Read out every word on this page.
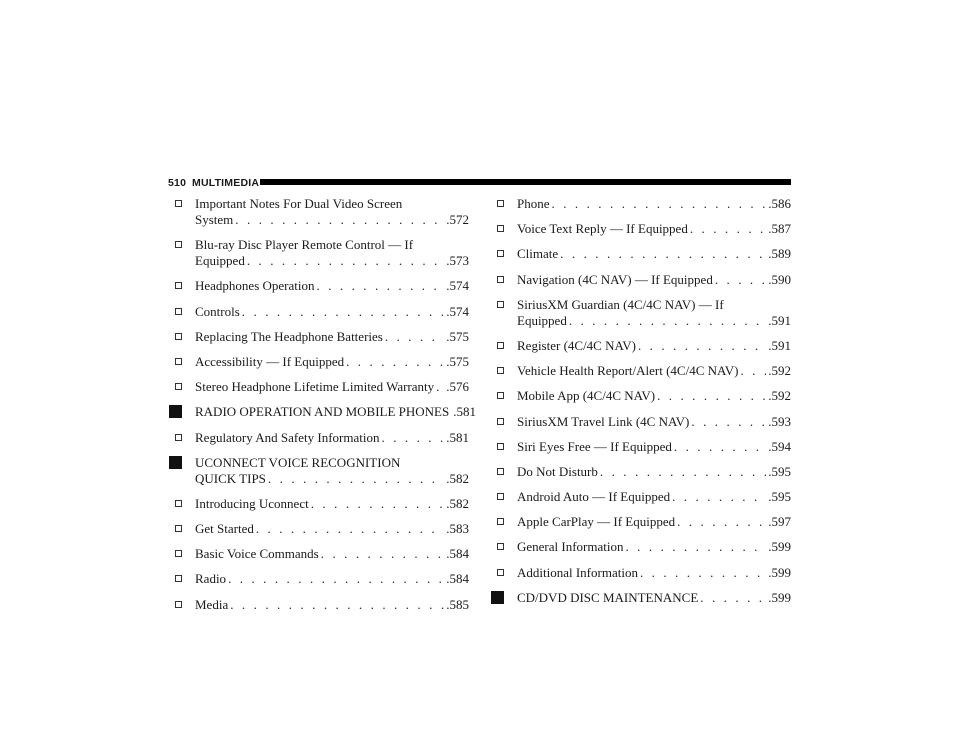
510 MULTIMEDIA
Important Notes For Dual Video Screen
System . . .	.572
Blu-ray Disc Player Remote Control — If
Equipped . . .	.573
Headphones Operation . . .	.574
Controls . . .	.574
Replacing The Headphone Batteries . . .	.575
Accessibility — If Equipped . . .	.575
Stereo Headphone Lifetime Limited Warranty . . . .576
RADIO OPERATION AND MOBILE PHONES .581
Regulatory And Safety Information . . .	.581
UCONNECT VOICE RECOGNITION
QUICK TIPS . . .	.582
Introducing Uconnect . . .	.582
Get Started . . .	.583
Basic Voice Commands . . .	.584
Radio . . .	.584
Media . . .	.585
Phone . . .	.586
Voice Text Reply — If Equipped . . .	.587
Climate . . .	.589
Navigation (4C NAV) — If Equipped . . .	.590
SiriusXM Guardian (4C/4C NAV) — If
Equipped . . .	.591
Register (4C/4C NAV) . . .	.591
Vehicle Health Report/Alert (4C/4C NAV) . . . .592
Mobile App (4C/4C NAV) . . .	.592
SiriusXM Travel Link (4C NAV) . . .	.593
Siri Eyes Free — If Equipped . . .	.594
Do Not Disturb . . .	.595
Android Auto — If Equipped . . .	.595
Apple CarPlay — If Equipped . . .	.597
General Information . . .	.599
Additional Information . . .	.599
CD/DVD DISC MAINTENANCE . . .	.599
